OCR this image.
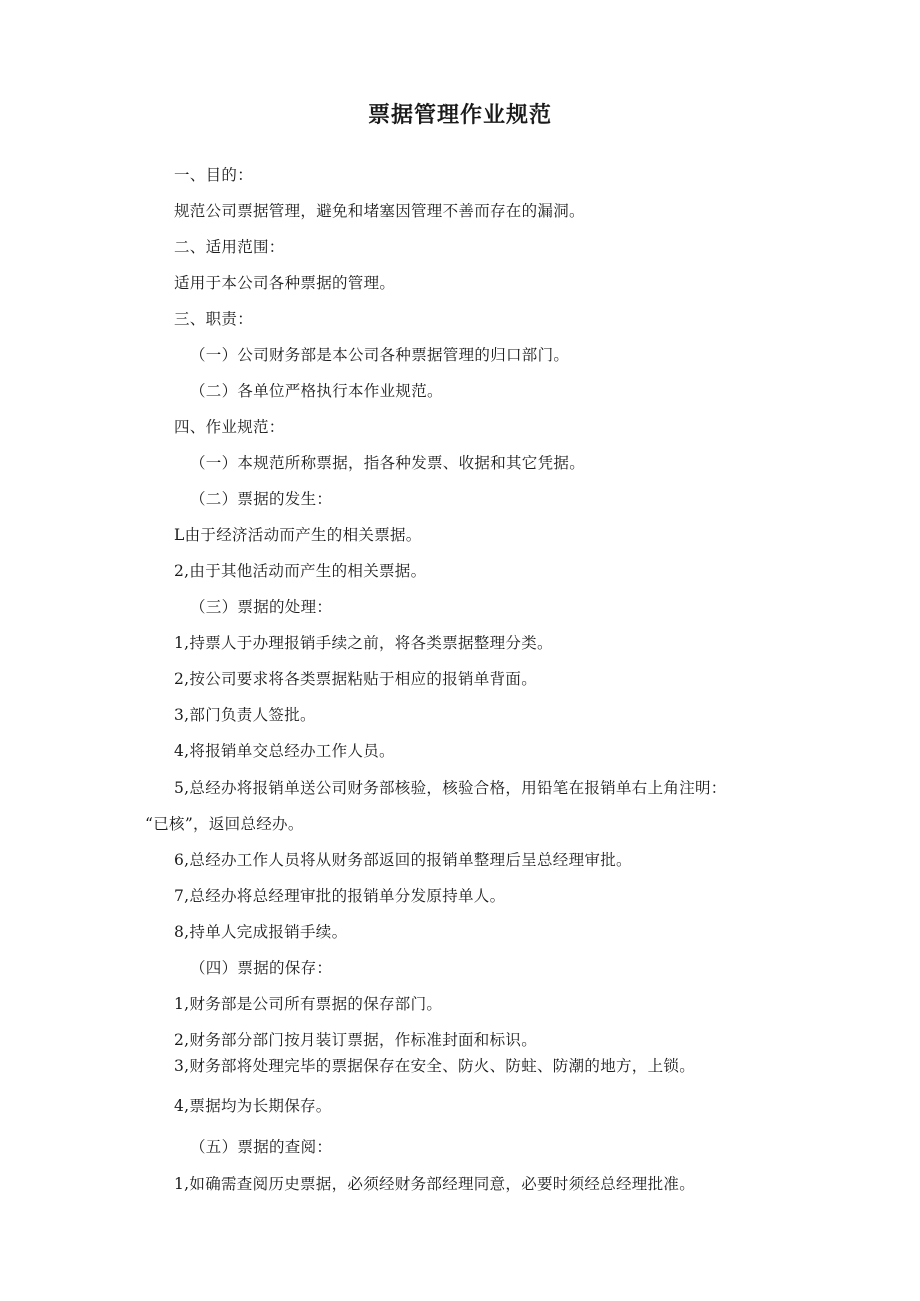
票据管理作业规范
一、目的：
规范公司票据管理，避免和堵塞因管理不善而存在的漏洞。
二、适用范围：
适用于本公司各种票据的管理。
三、职责：
（一）公司财务部是本公司各种票据管理的归口部门。
（二）各单位严格执行本作业规范。
四、作业规范：
（一）本规范所称票据，指各种发票、收据和其它凭据。
（二）票据的发生：
L由于经济活动而产生的相关票据。
2,由于其他活动而产生的相关票据。
（三）票据的处理：
1,持票人于办理报销手续之前，将各类票据整理分类。
2,按公司要求将各类票据粘贴于相应的报销单背面。
3,部门负责人签批。
4,将报销单交总经办工作人员。
5,总经办将报销单送公司财务部核验，核验合格，用铅笔在报销单右上角注明：
“已核”，返回总经办。
6,总经办工作人员将从财务部返回的报销单整理后呈总经理审批。
7,总经办将总经理审批的报销单分发原持单人。
8,持单人完成报销手续。
（四）票据的保存：
1,财务部是公司所有票据的保存部门。
2,财务部分部门按月装订票据，作标准封面和标识。
3,财务部将处理完毕的票据保存在安全、防火、防蛀、防潮的地方，上锁。
4,票据均为长期保存。
（五）票据的查阅：
1,如确需查阅历史票据，必须经财务部经理同意，必要时须经总经理批准。
